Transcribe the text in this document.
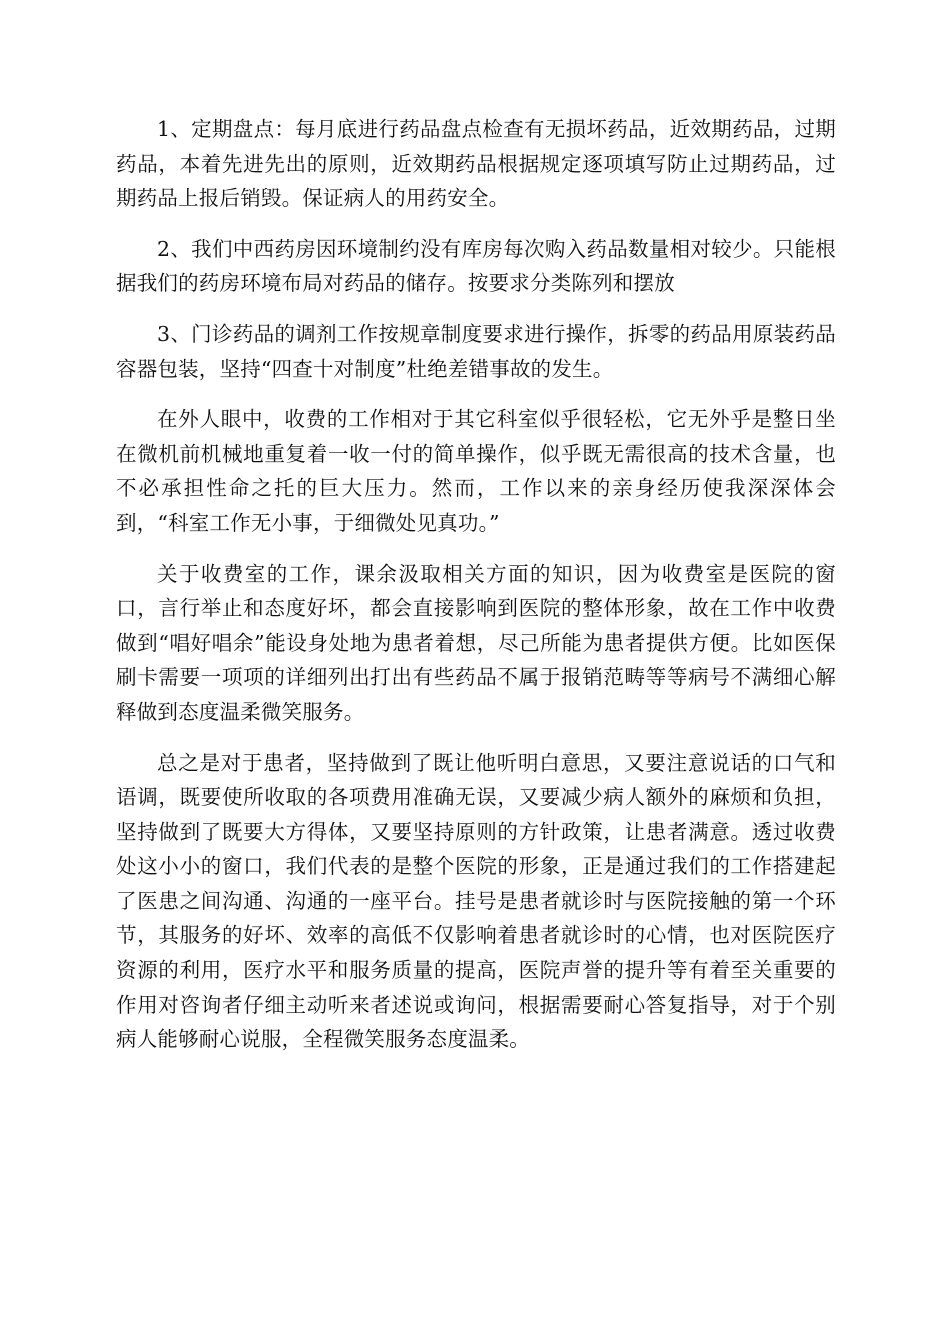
1、定期盘点：每月底进行药品盘点检查有无损坏药品，近效期药品，过期药品，本着先进先出的原则，近效期药品根据规定逐项填写防止过期药品，过期药品上报后销毁。保证病人的用药安全。

2、我们中西药房因环境制约没有库房每次购入药品数量相对较少。只能根据我们的药房环境布局对药品的储存。按要求分类陈列和摆放

3、门诊药品的调剂工作按规章制度要求进行操作，拆零的药品用原装药品容器包装，坚持“四查十对制度”杜绝差错事故的发生。

在外人眼中，收费的工作相对于其它科室似乎很轻松，它无外乎是整日坐在微机前机械地重复着一收一付的简单操作，似乎既无需很高的技术含量，也不必承担性命之托的巨大压力。然而，工作以来的亲身经历使我深深体会到，“科室工作无小事，于细微处见真功。”

关于收费室的工作，课余汲取相关方面的知识，因为收费室是医院的窗口，言行举止和态度好坏，都会直接影响到医院的整体形象，故在工作中收费做到“唱好唱余”能设身处地为患者着想，尽己所能为患者提供方便。比如医保刷卡需要一项项的详细列出打出有些药品不属于报销范畴等等病号不满细心解释做到态度温柔微笑服务。

总之是对于患者，坚持做到了既让他听明白意思，又要注意说话的口气和语调，既要使所收取的各项费用准确无误，又要减少病人额外的麻烦和负担，坚持做到了既要大方得体，又要坚持原则的方针政策，让患者满意。透过收费处这小小的窗口，我们代表的是整个医院的形象，正是通过我们的工作搭建起了医患之间沟通、沟通的一座平台。挂号是患者就诊时与医院接触的第一个环节，其服务的好坏、效率的高低不仅影响着患者就诊时的心情，也对医院医疗资源的利用，医疗水平和服务质量的提高，医院声誉的提升等有着至关重要的作用对咨询者仔细主动听来者述说或询问，根据需要耐心答复指导，对于个别病人能够耐心说服，全程微笑服务态度温柔。
